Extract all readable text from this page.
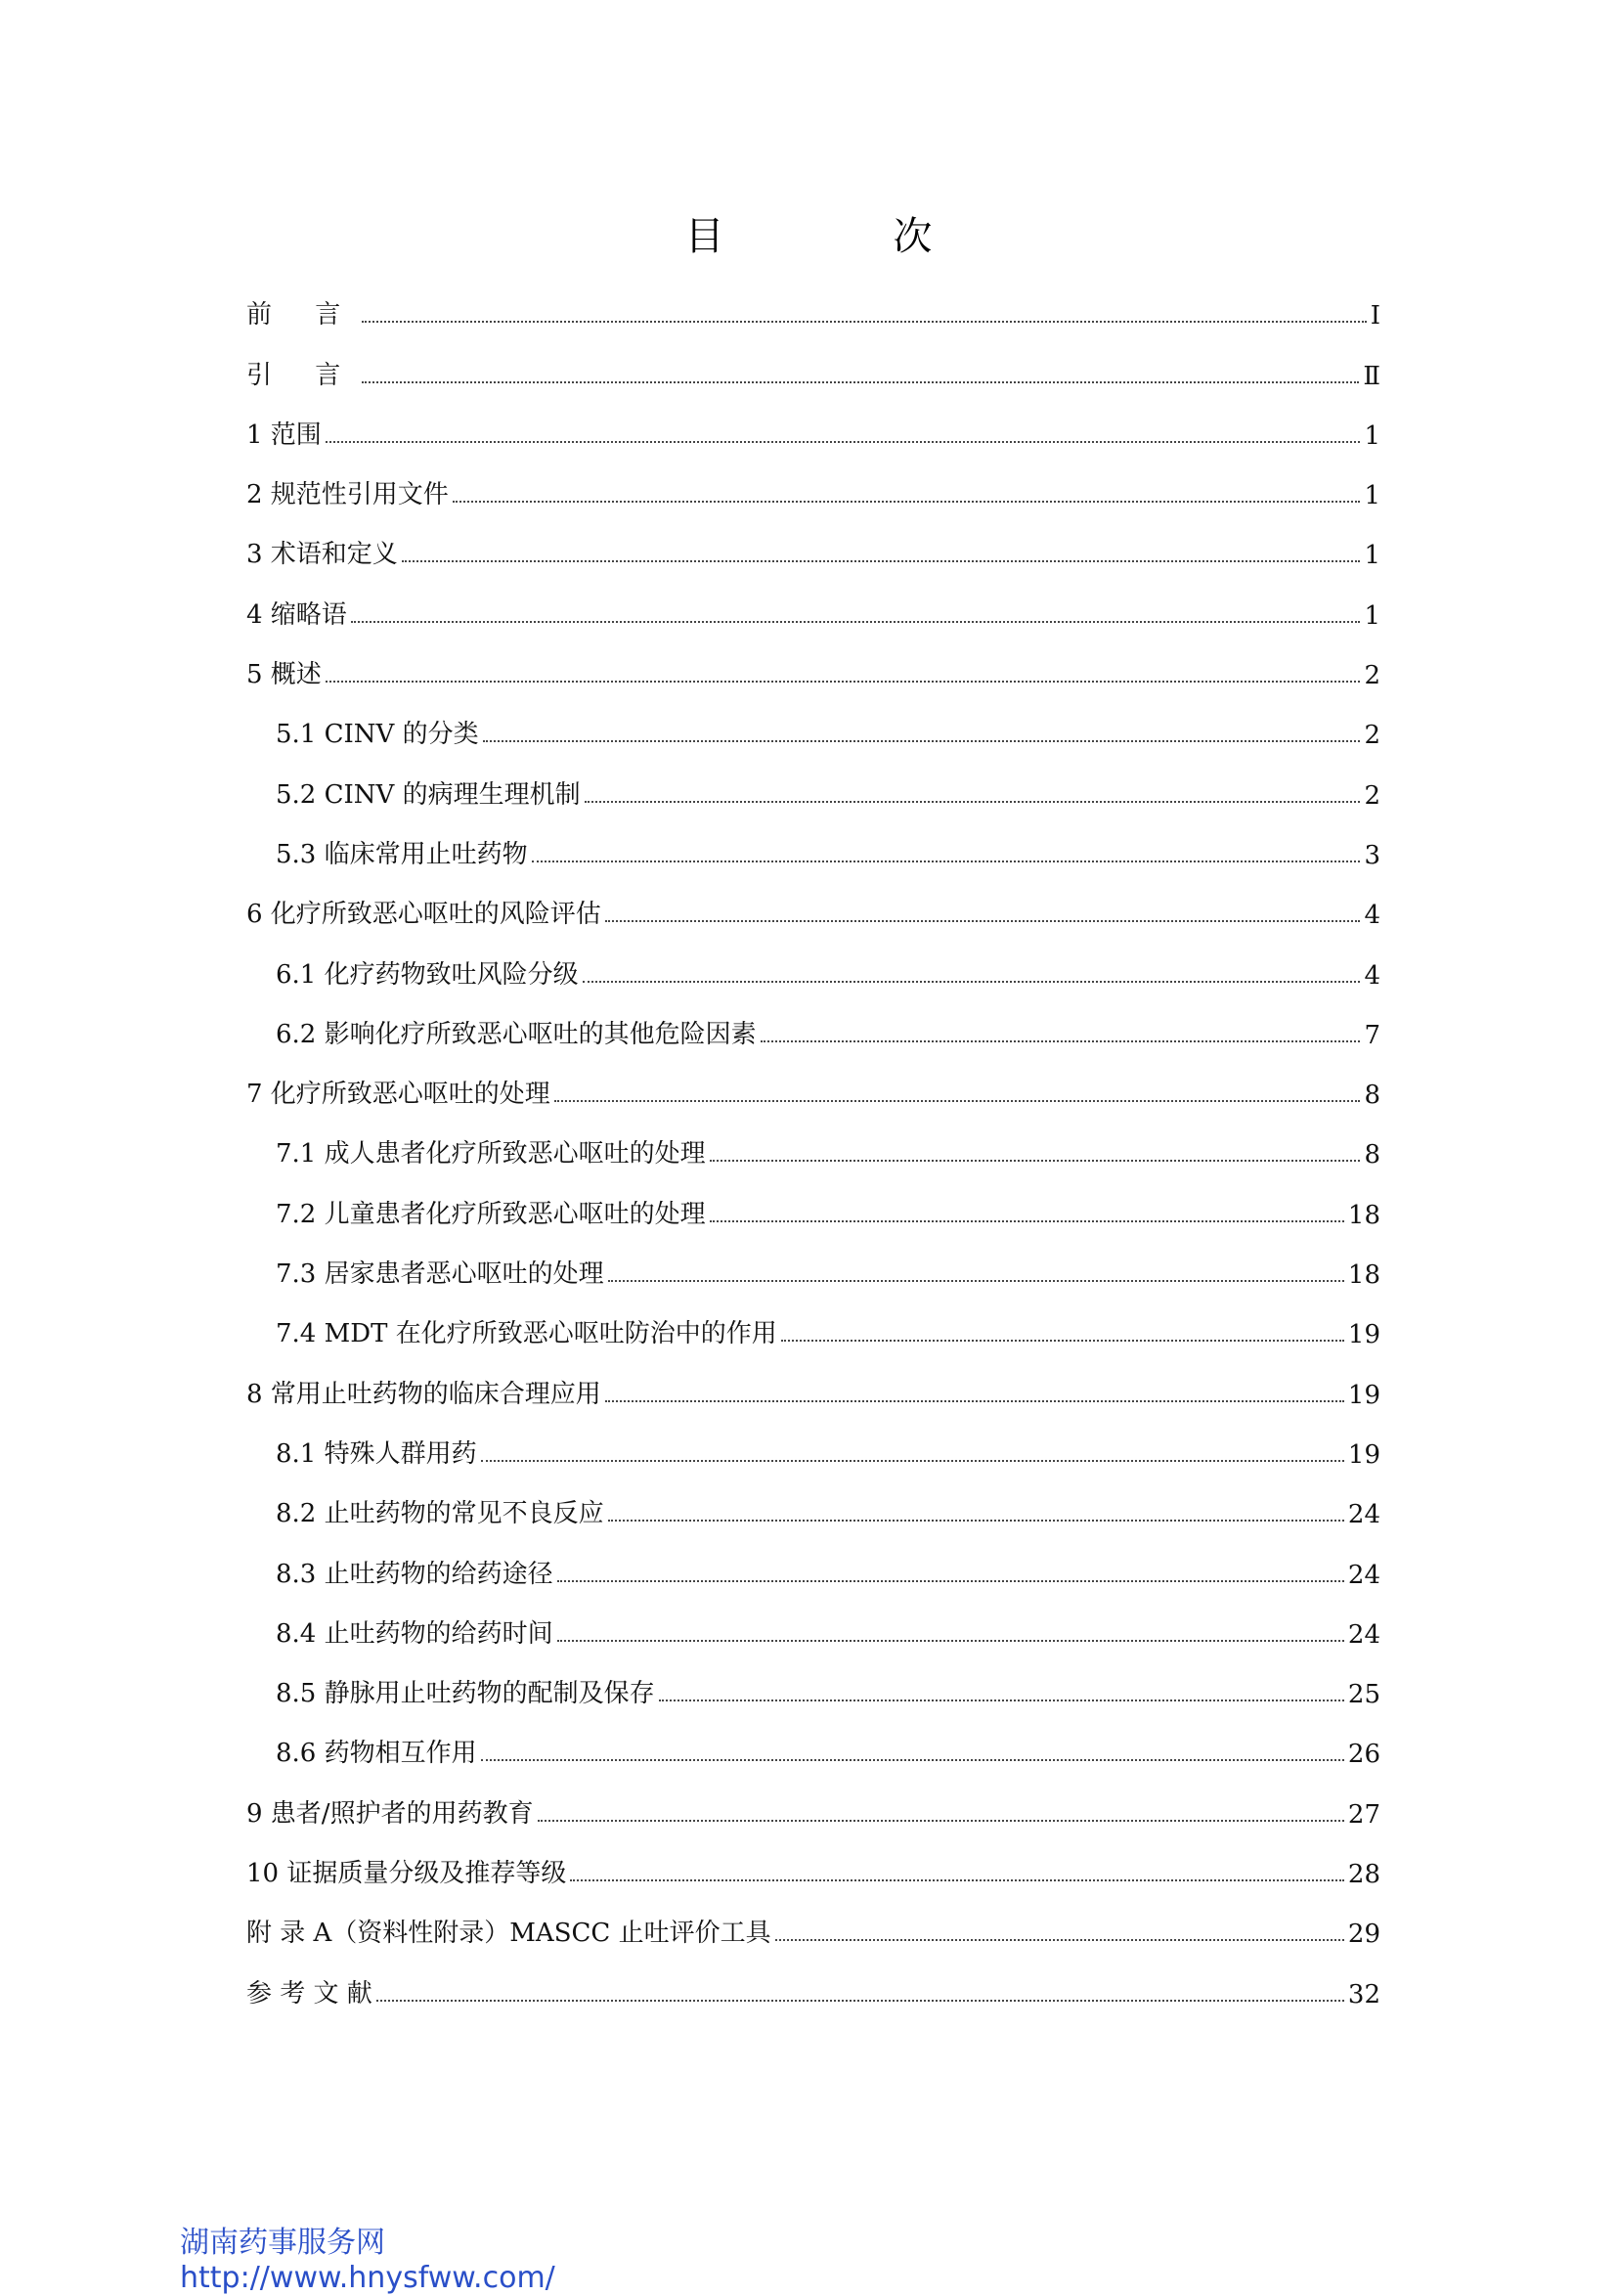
目 次
前 言	Ⅰ
引 言	Ⅱ
1 范围	1
2 规范性引用文件	1
3 术语和定义	1
4 缩略语	1
5 概述	2
5.1 CINV 的分类	2
5.2 CINV 的病理生理机制	2
5.3 临床常用止吐药物	3
6 化疗所致恶心呕吐的风险评估	4
6.1 化疗药物致吐风险分级	4
6.2 影响化疗所致恶心呕吐的其他危险因素	7
7 化疗所致恶心呕吐的处理	8
7.1 成人患者化疗所致恶心呕吐的处理	8
7.2 儿童患者化疗所致恶心呕吐的处理	18
7.3 居家患者恶心呕吐的处理	18
7.4 MDT 在化疗所致恶心呕吐防治中的作用	19
8 常用止吐药物的临床合理应用	19
8.1 特殊人群用药	19
8.2 止吐药物的常见不良反应	24
8.3 止吐药物的给药途径	24
8.4 止吐药物的给药时间	24
8.5 静脉用止吐药物的配制及保存	25
8.6 药物相互作用	26
9 患者/照护者的用药教育	27
10 证据质量分级及推荐等级	28
附 录 A（资料性附录）MASCC 止吐评价工具	29
参 考 文 献	32
湖南药事服务网
http://www.hnysfww.com/
